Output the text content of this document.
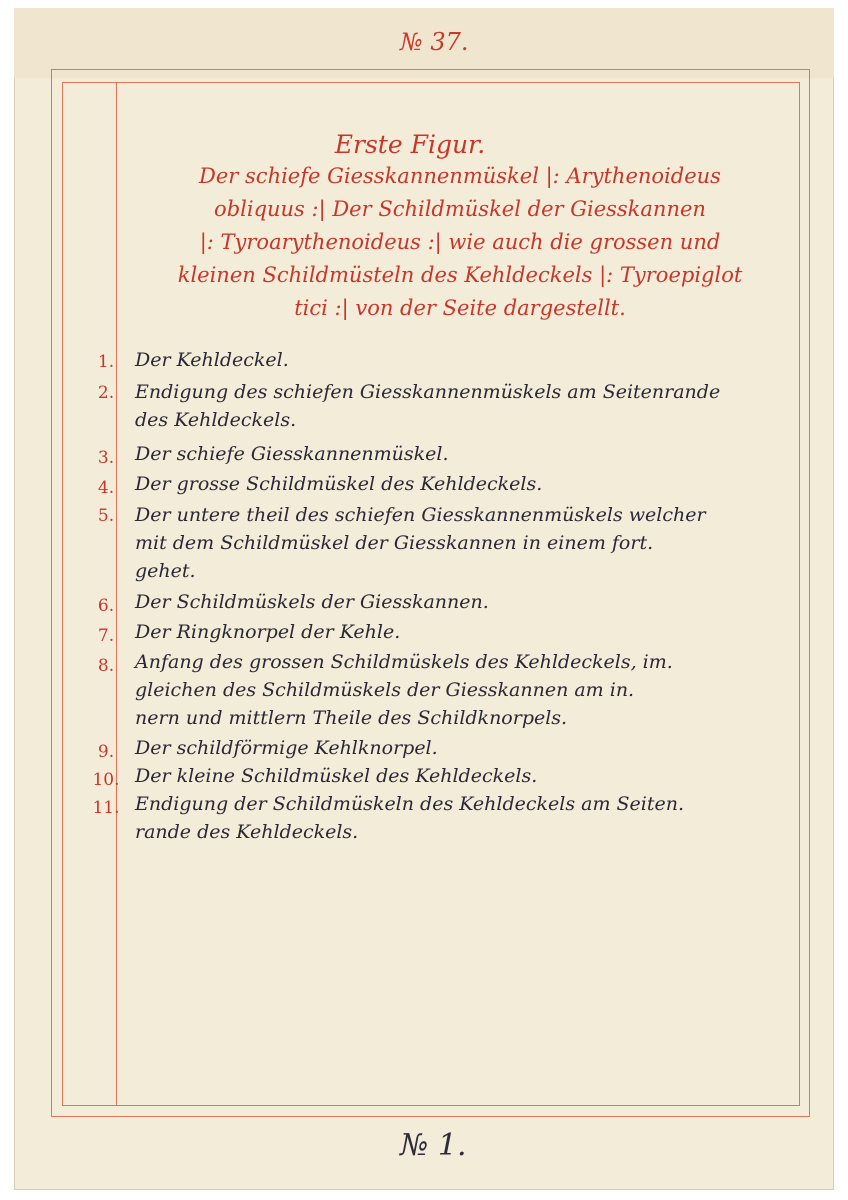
№ 37.
Erste Figur.
Der schiefe Giesskannenmüskel |: Arythenoideus
obliquus :| Der Schildmüskel der Giesskannen
|: Tyroarythenoideus :| wie auch die grossen und
kleinen Schildmüsteln des Kehldeckels |: Tyroepiglot
tici :| von der Seite dargestellt.
1.	Der Kehldeckel.
2.	Endigung des schiefen Giesskannenmüskels am Seitenrande
des Kehldeckels.
3.	Der schiefe Giesskannenmüskel.
4.	Der grosse Schildmüskel des Kehldeckels.
5.	Der untere theil des schiefen Giesskannenmüskels welcher
mit dem Schildmüskel der Giesskannen in einem fort.
gehet.
6.	Der Schildmüskels der Giesskannen.
7.	Der Ringknorpel der Kehle.
8.	Anfang des grossen Schildmüskels des Kehldeckels, im.
gleichen des Schildmüskels der Giesskannen am in.
nern und mittlern Theile des Schildknorpels.
9.	Der schildförmige Kehlknorpel.
10. Der kleine Schildmüskel des Kehldeckels.
11. Endigung der Schildmüskeln des Kehldeckels am Seiten.
rande des Kehldeckels.
№ 1.
